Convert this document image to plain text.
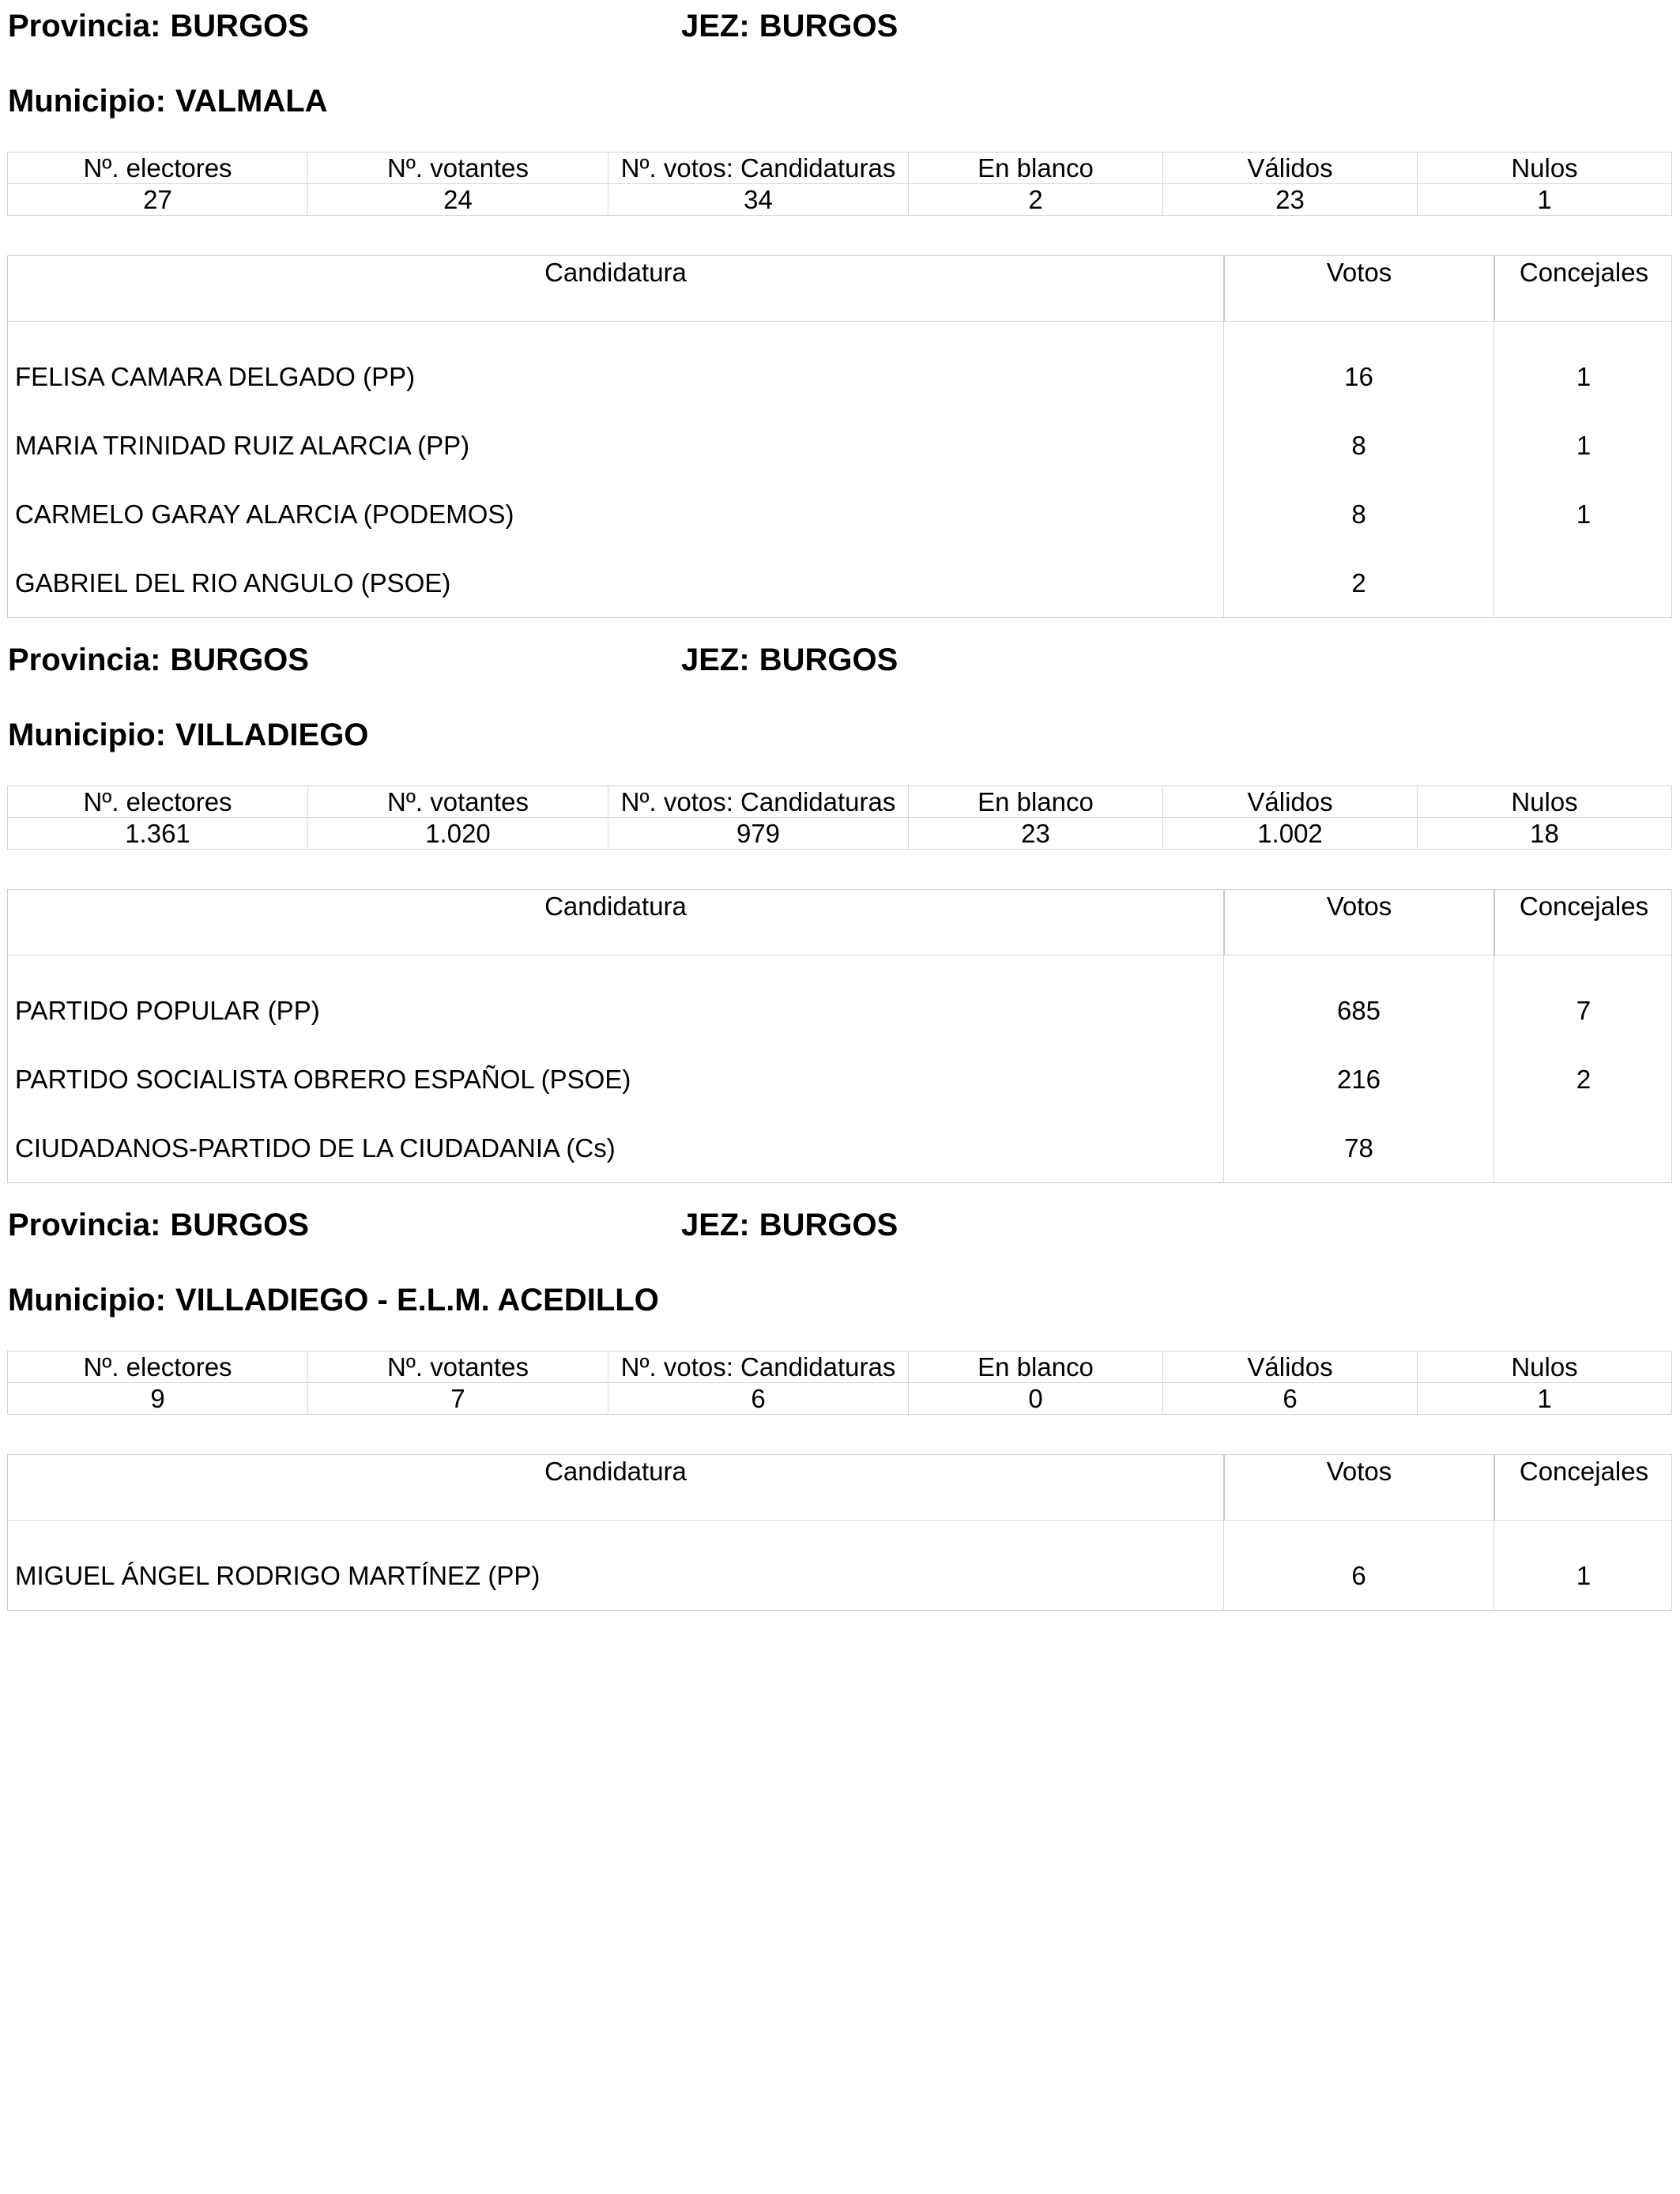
Provincia: BURGOS	JEZ: BURGOS
Municipio: VALMALA
Nº. electores	Nº. votantes	Nº. votos: Candidaturas	En blanco	Válidos	Nulos
27	24	34	2	23	1
Candidatura	Votos	Concejales
FELISA CAMARA DELGADO (PP)	16	1
MARIA TRINIDAD RUIZ ALARCIA (PP)	8	1
CARMELO GARAY ALARCIA (PODEMOS)	8	1
GABRIEL DEL RIO ANGULO (PSOE)	2
Provincia: BURGOS	JEZ: BURGOS
Municipio: VILLADIEGO
Nº. electores	Nº. votantes	Nº. votos: Candidaturas	En blanco	Válidos	Nulos
1.361	1.020	979	23	1.002	18
Candidatura	Votos	Concejales
PARTIDO POPULAR (PP)	685	7
PARTIDO SOCIALISTA OBRERO ESPAÑOL (PSOE)	216	2
CIUDADANOS-PARTIDO DE LA CIUDADANIA (Cs)	78
Provincia: BURGOS	JEZ: BURGOS
Municipio: VILLADIEGO - E.L.M. ACEDILLO
Nº. electores	Nº. votantes	Nº. votos: Candidaturas	En blanco	Válidos	Nulos
9	7	6	0	6	1
Candidatura	Votos	Concejales
MIGUEL ÁNGEL RODRIGO MARTÍNEZ (PP)	6	1
